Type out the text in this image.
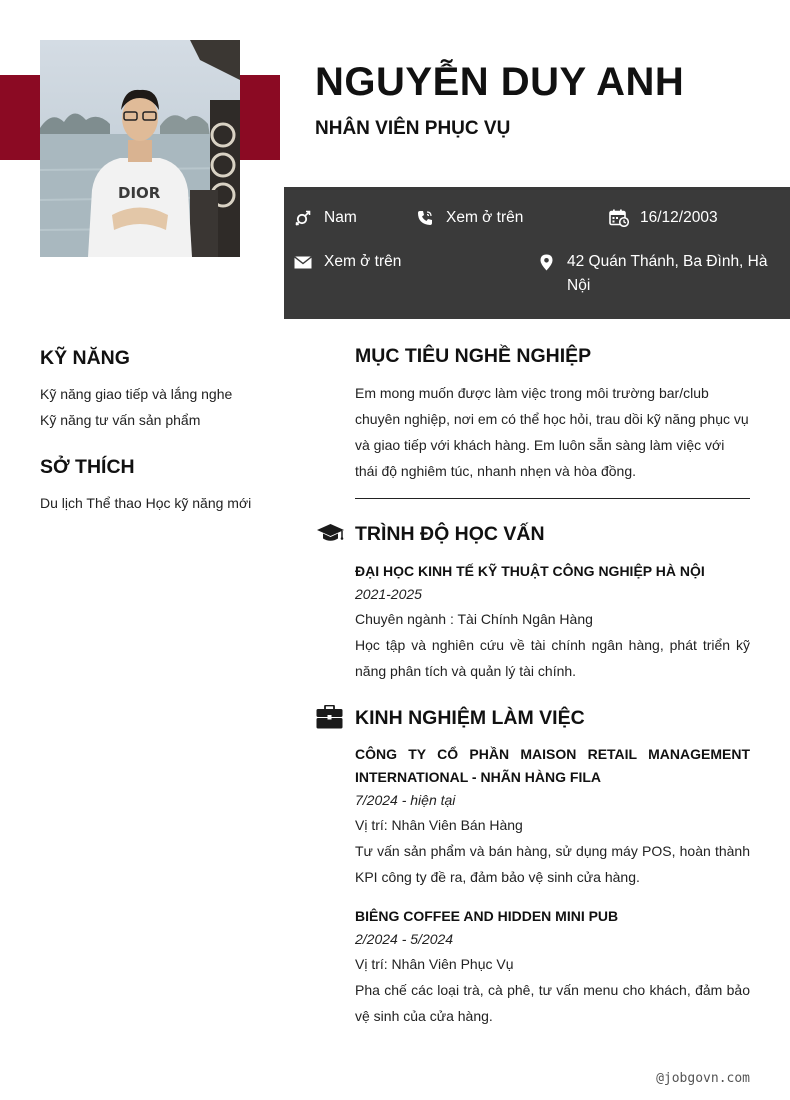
DIOR
NGUYỄN DUY ANH
NHÂN VIÊN PHỤC VỤ
Nam	Xem ở trên	16/12/2003
Xem ở trên	42 Quán Thánh, Ba Đình, Hà Nội
KỸ NĂNG
Kỹ năng giao tiếp và lắng nghe
Kỹ năng tư vấn sản phẩm
SỞ THÍCH
Du lịch Thể thao Học kỹ năng mới
MỤC TIÊU NGHỀ NGHIỆP
Em mong muốn được làm việc trong môi trường bar/club chuyên nghiệp, nơi em có thể học hỏi, trau dồi kỹ năng phục vụ và giao tiếp với khách hàng. Em luôn sẵn sàng làm việc với thái độ nghiêm túc, nhanh nhẹn và hòa đồng.
TRÌNH ĐỘ HỌC VẤN
ĐẠI HỌC KINH TẾ KỸ THUẬT CÔNG NGHIỆP HÀ NỘI
2021-2025
Chuyên ngành : Tài Chính Ngân Hàng
Học tập và nghiên cứu về tài chính ngân hàng, phát triển kỹ năng phân tích và quản lý tài chính.
KINH NGHIỆM LÀM VIỆC
CÔNG TY CỔ PHẦN MAISON RETAIL MANAGEMENT INTERNATIONAL - NHÃN HÀNG FILA
7/2024 - hiện tại
Vị trí: Nhân Viên Bán Hàng
Tư vấn sản phẩm và bán hàng, sử dụng máy POS, hoàn thành KPI công ty đề ra, đảm bảo vệ sinh cửa hàng.
BIÊNG COFFEE AND HIDDEN MINI PUB
2/2024 - 5/2024
Vị trí: Nhân Viên Phục Vụ
Pha chế các loại trà, cà phê, tư vấn menu cho khách, đảm bảo vệ sinh của cửa hàng.
@jobgovn.com
